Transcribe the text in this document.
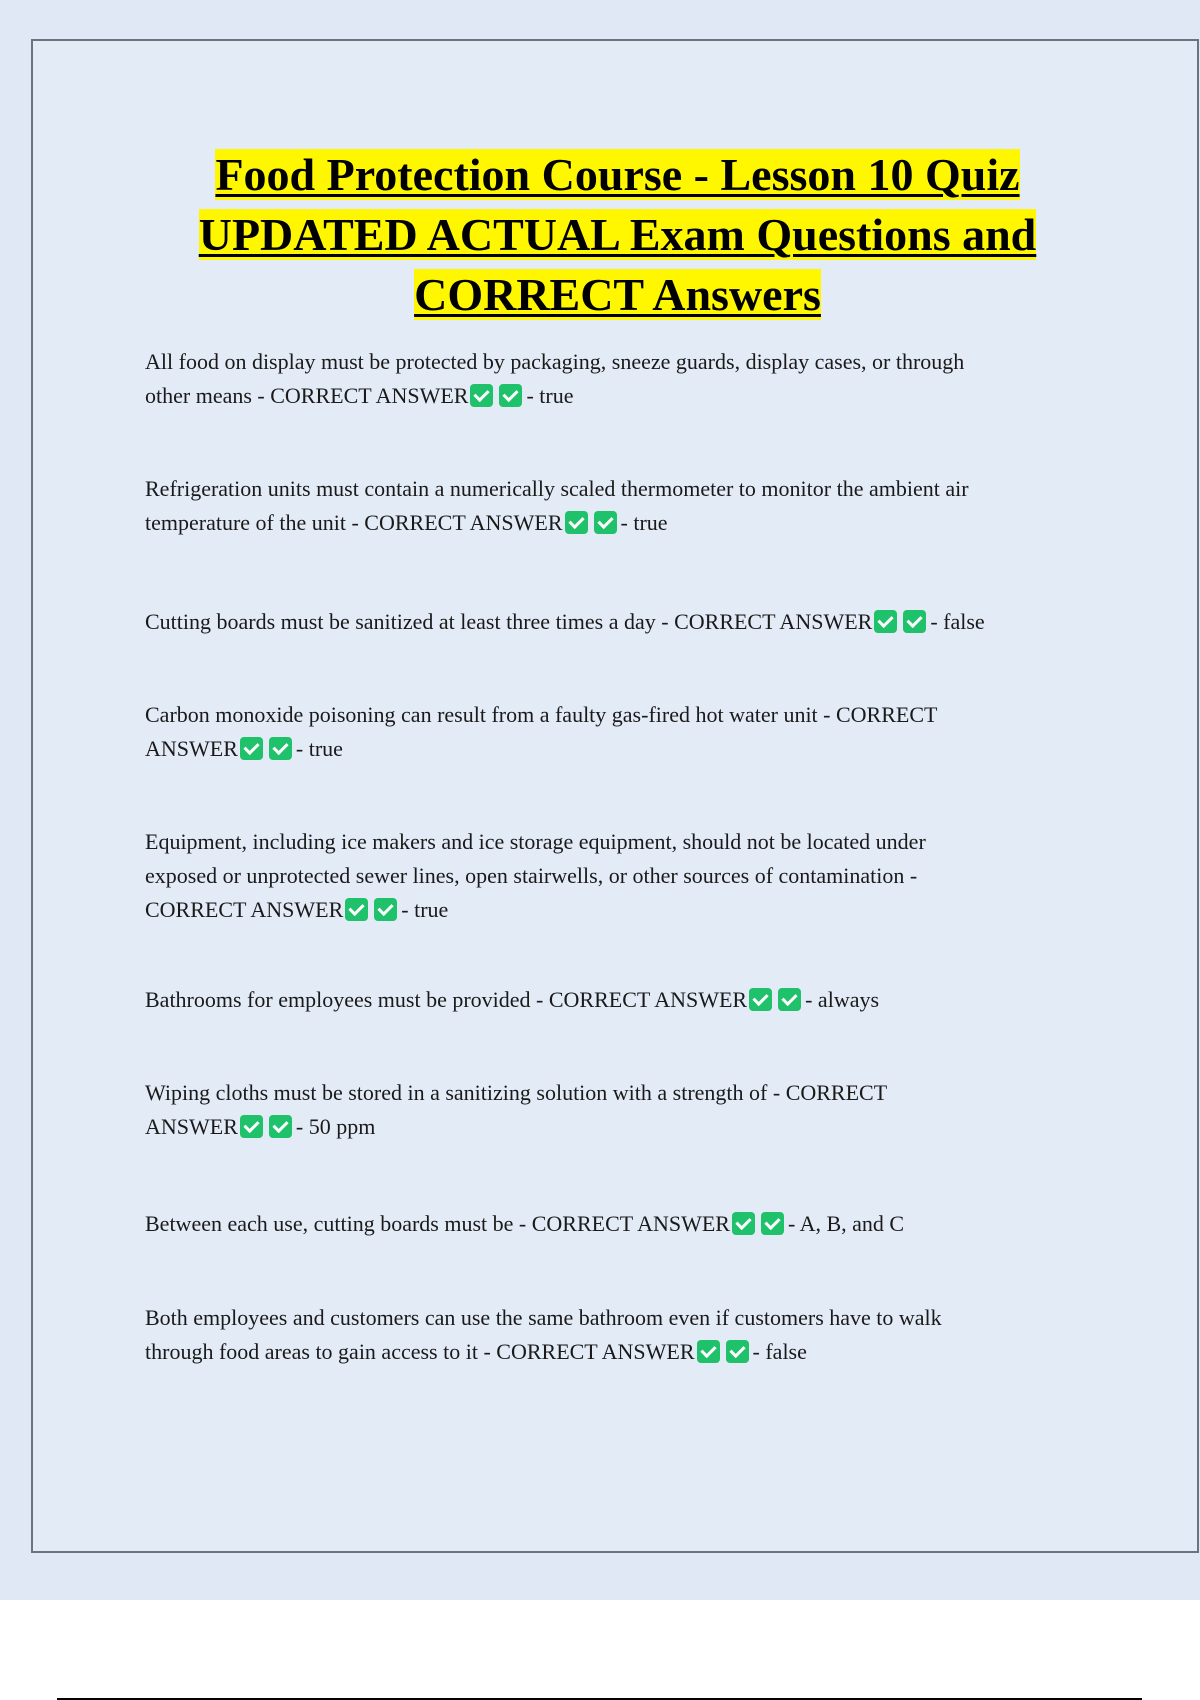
Food Protection Course - Lesson 10 Quiz
UPDATED ACTUAL Exam Questions and
CORRECT Answers

All food on display must be protected by packaging, sneeze guards, display cases, or through
other means - CORRECT ANSWER	- true

Refrigeration units must contain a numerically scaled thermometer to monitor the ambient air
temperature of the unit - CORRECT ANSWER	- true

Cutting boards must be sanitized at least three times a day - CORRECT ANSWER	- false

Carbon monoxide poisoning can result from a faulty gas-fired hot water unit - CORRECT
ANSWER	- true

Equipment, including ice makers and ice storage equipment, should not be located under
exposed or unprotected sewer lines, open stairwells, or other sources of contamination -
CORRECT ANSWER	- true

Bathrooms for employees must be provided - CORRECT ANSWER	- always

Wiping cloths must be stored in a sanitizing solution with a strength of - CORRECT
ANSWER	- 50 ppm

Between each use, cutting boards must be - CORRECT ANSWER	- A, B, and C

Both employees and customers can use the same bathroom even if customers have to walk
through food areas to gain access to it - CORRECT ANSWER	- false
